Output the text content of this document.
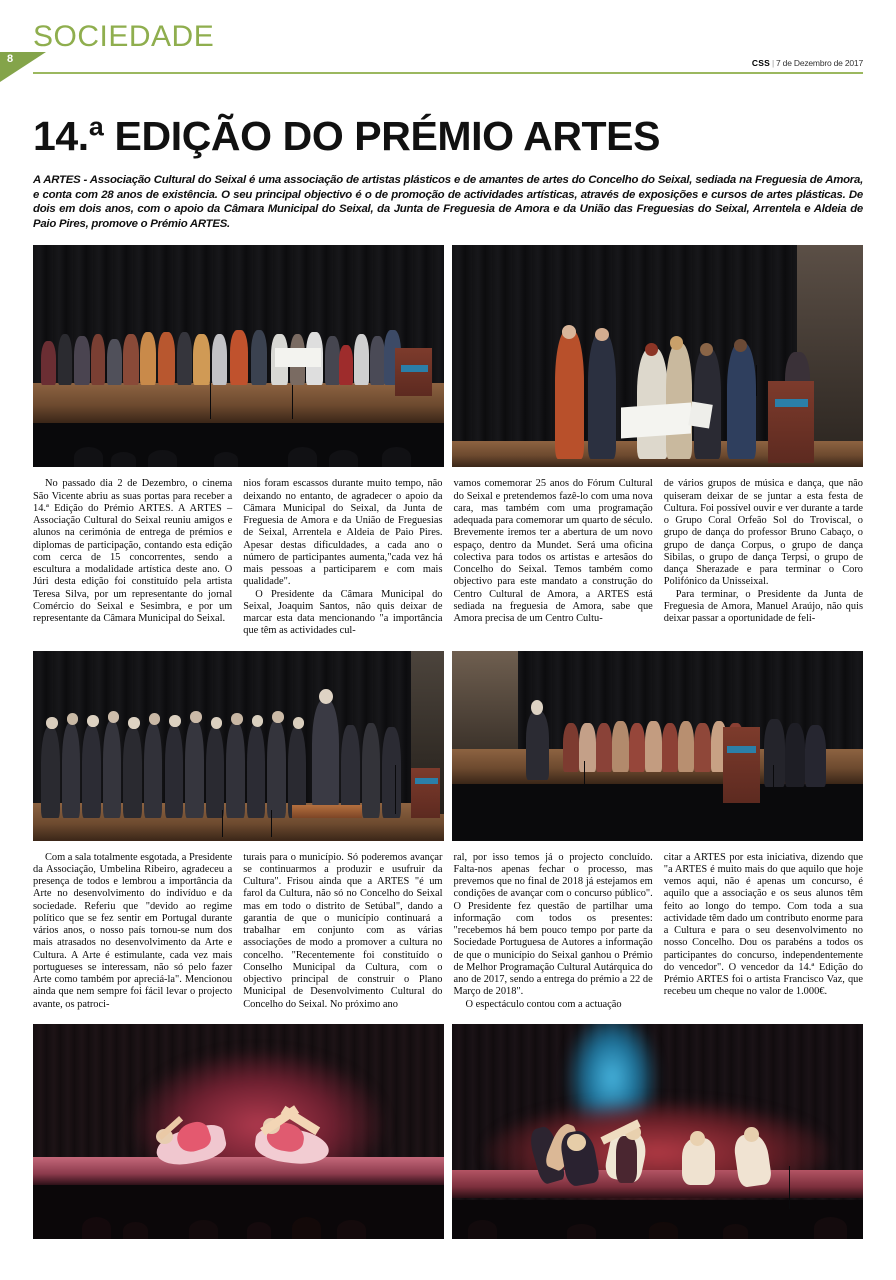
SOCIEDADE
CSS | 7 de Dezembro de 2017
8
14.ª EDIÇÃO DO PRÉMIO ARTES
A ARTES - Associação Cultural do Seixal é uma associação de artistas plásticos e de amantes de artes do Concelho do Seixal, sediada na Freguesia de Amora, e conta com 28 anos de existência. O seu principal objectivo é o de promoção de actividades artísticas, através de exposições e cursos de artes plásticas. De dois em dois anos, com o apoio da Câmara Municipal do Seixal, da Junta de Freguesia de Amora e da União das Freguesias do Seixal, Arrentela e Aldeia de Paio Pires, promove o Prémio ARTES.

No passado dia 2 de Dezembro, o cinema São Vicente abriu as suas portas para receber a 14.ª Edição do Prémio ARTES. A ARTES – Associação Cultural do Seixal reuniu amigos e alunos na cerimónia de entrega de prémios e diplomas de participação, contando esta edição com cerca de 15 concorrentes, sendo a escultura a modalidade artística deste ano. O Júri desta edição foi constituído pela artista Teresa Silva, por um representante do jornal Comércio do Seixal e Sesimbra, e por um representante da Câmara Municipal do Seixal.

nios foram escassos durante muito tempo, não deixando no entanto, de agradecer o apoio da Câmara Municipal do Seixal, da Junta de Freguesia de Amora e da União de Freguesias de Seixal, Arrentela e Aldeia de Paio Pires. Apesar destas dificuldades, a cada ano o número de participantes aumenta,"cada vez há mais pessoas a participarem e com mais qualidade".

O Presidente da Câmara Municipal do Seixal, Joaquim Santos, não quis deixar de marcar esta data mencionando "a importância que têm as actividades cul-

vamos comemorar 25 anos do Fórum Cultural do Seixal e pretendemos fazê-lo com uma nova cara, mas também com uma programação adequada para comemorar um quarto de século. Brevemente iremos ter a abertura de um novo espaço, dentro da Mundet. Será uma oficina colectiva para todos os artistas e artesãos do Concelho do Seixal. Temos também como objectivo para este mandato a construção do Centro Cultural de Amora, a ARTES está sediada na freguesia de Amora, sabe que Amora precisa de um Centro Cultu-

de vários grupos de música e dança, que não quiseram deixar de se juntar a esta festa de Cultura. Foi possível ouvir e ver durante a tarde o Grupo Coral Orfeão Sol do Troviscal, o grupo de dança do professor Bruno Cabaço, o grupo de dança Corpus, o grupo de dança Sibilas, o grupo de dança Terpsi, o grupo de dança Sherazade e para terminar o Coro Polifónico da Unisseixal.

Para terminar, o Presidente da Junta de Freguesia de Amora, Manuel Araújo, não quis deixar passar a oportunidade de feli-

Com a sala totalmente esgotada, a Presidente da Associação, Umbelina Ribeiro, agradeceu a presença de todos e lembrou a importância da Arte no desenvolvimento do indivíduo e da sociedade. Referiu que "devido ao regime político que se fez sentir em Portugal durante vários anos, o nosso país tornou-se num dos mais atrasados no desenvolvimento da Arte e Cultura. A Arte é estimulante, cada vez mais portugueses se interessam, não só pelo fazer Arte como também por apreciá-la". Mencionou ainda que nem sempre foi fácil levar o projecto avante, os patroci-

turais para o município. Só poderemos avançar se continuarmos a produzir e usufruir da Cultura". Frisou ainda que a ARTES "é um farol da Cultura, não só no Concelho do Seixal mas em todo o distrito de Setúbal", dando a garantia de que o município continuará a trabalhar em conjunto com as várias associações de modo a promover a cultura no concelho. "Recentemente foi constituído o Conselho Municipal da Cultura, com o objectivo principal de construir o Plano Municipal de Desenvolvimento Cultural do Concelho do Seixal. No próximo ano

ral, por isso temos já o projecto concluído. Falta-nos apenas fechar o processo, mas prevemos que no final de 2018 já estejamos em condições de avançar com o concurso público". O Presidente fez questão de partilhar uma informação com todos os presentes: "recebemos há bem pouco tempo por parte da Sociedade Portuguesa de Autores a informação de que o município do Seixal ganhou o Prémio de Melhor Programação Cultural Autárquica do ano de 2017, sendo a entrega do prémio a 22 de Março de 2018".

O espectáculo contou com a actuação

citar a ARTES por esta iniciativa, dizendo que "a ARTES é muito mais do que aquilo que hoje vemos aqui, não é apenas um concurso, é aquilo que a associação e os seus alunos têm feito ao longo do tempo. Com toda a sua actividade têm dado um contributo enorme para a Cultura e para o seu desenvolvimento no nosso Concelho. Dou os parabéns a todos os participantes do concurso, independentemente do vencedor". O vencedor da 14.ª Edição do Prémio ARTES foi o artista Francisco Vaz, que recebeu um cheque no valor de 1.000€.
